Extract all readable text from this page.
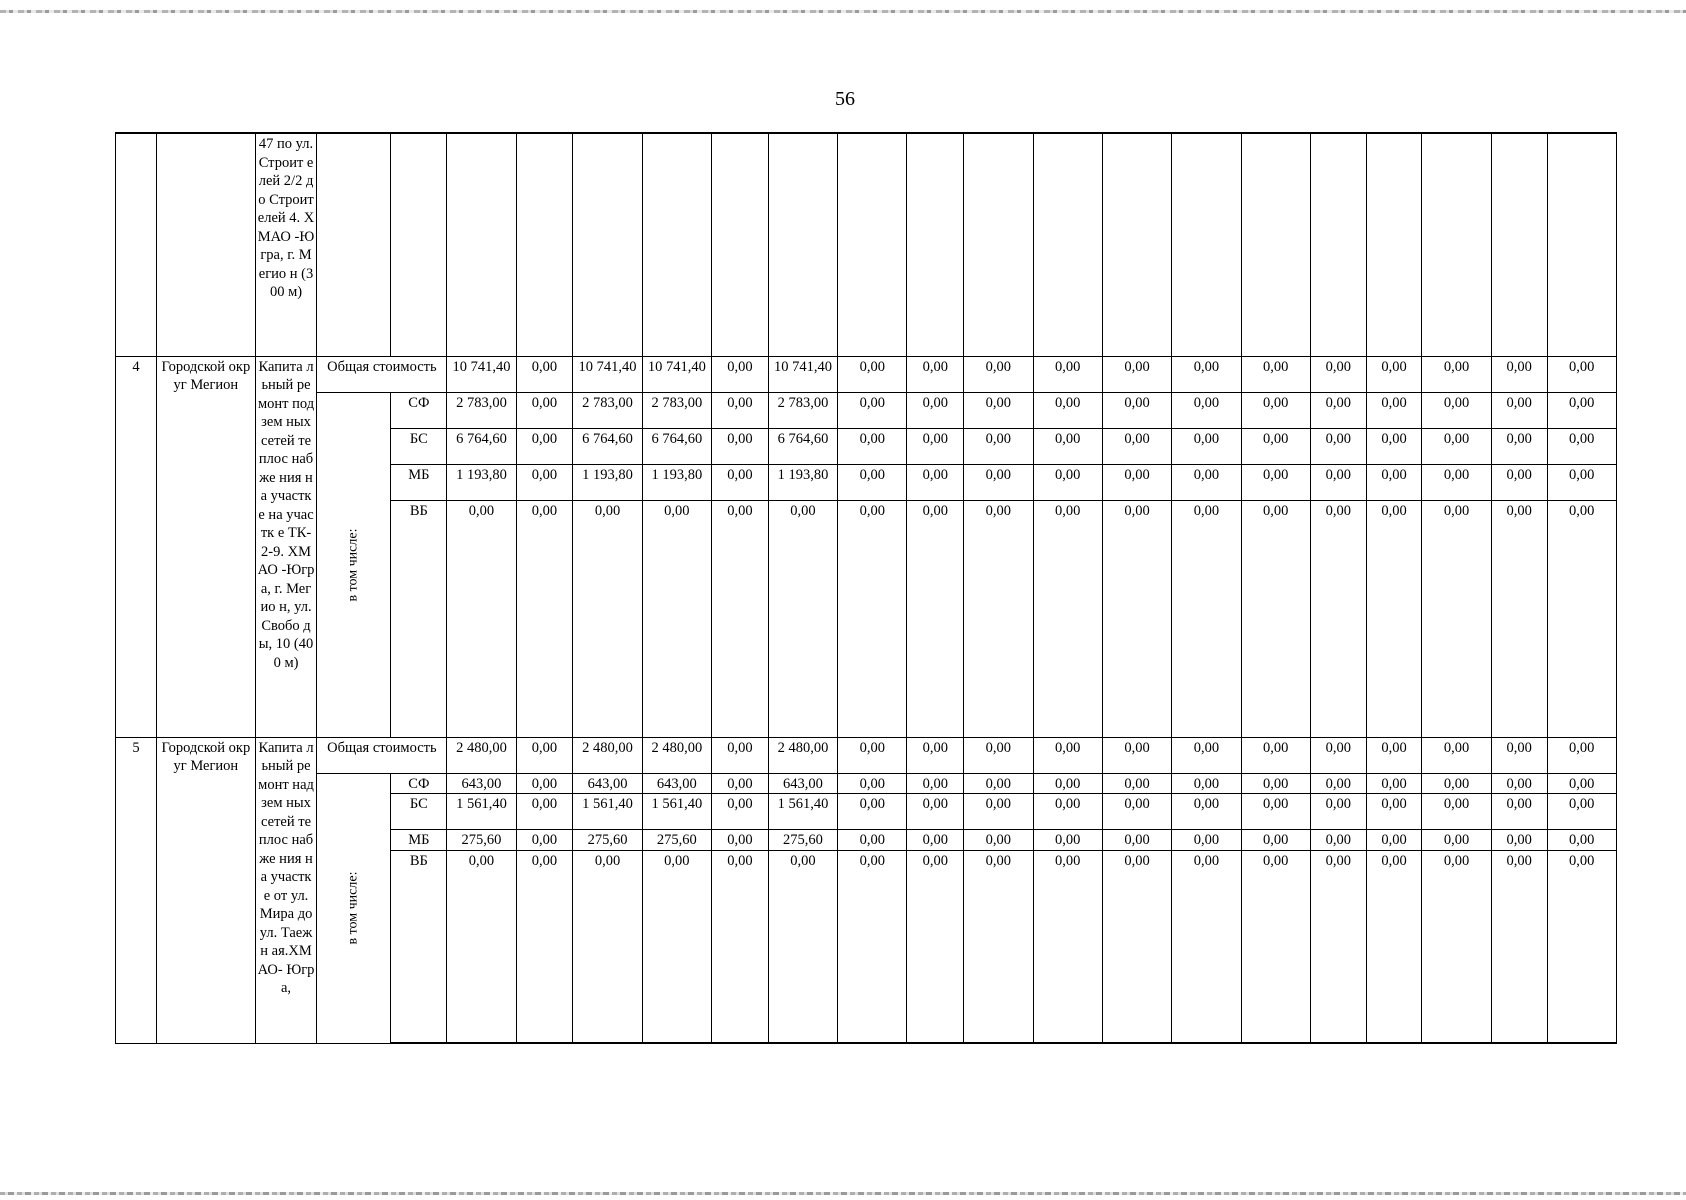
56

		47 по ул. Строит елей 2/2 до Строит елей 4. ХМАО -Югра, г. Мегио н (300 м)																				

4	Городской округ Мегион	Капита льный ремонт подзем ных сетей теплос набже ния на участк е на участк е ТК- 2-9. ХМАО -Югра, г. Мегио н, ул. Свобо ды, 10 (400 м)	Общая стоимость		10 741,40	0,00	10 741,40	10 741,40	0,00	10 741,40	0,00	0,00	0,00	0,00	0,00	0,00	0,00	0,00	0,00	0,00	0,00	0,00

			в том числе:	СФ	2 783,00	0,00	2 783,00	2 783,00	0,00	2 783,00	0,00	0,00	0,00	0,00	0,00	0,00	0,00	0,00	0,00	0,00	0,00	0,00

				БС	6 764,60	0,00	6 764,60	6 764,60	0,00	6 764,60	0,00	0,00	0,00	0,00	0,00	0,00	0,00	0,00	0,00	0,00	0,00	0,00

				МБ	1 193,80	0,00	1 193,80	1 193,80	0,00	1 193,80	0,00	0,00	0,00	0,00	0,00	0,00	0,00	0,00	0,00	0,00	0,00	0,00

				ВБ	0,00	0,00	0,00	0,00	0,00	0,00	0,00	0,00	0,00	0,00	0,00	0,00	0,00	0,00	0,00	0,00	0,00	0,00

5	Городской округ Мегион	Капита льный ремонт надзем ных сетей теплос набже ния на участк е от ул. Мира до ул. Таежн ая.ХМ АО- Югра,	Общая стоимость		2 480,00	0,00	2 480,00	2 480,00	0,00	2 480,00	0,00	0,00	0,00	0,00	0,00	0,00	0,00	0,00	0,00	0,00	0,00	0,00

			в том числе:	СФ	643,00	0,00	643,00	643,00	0,00	643,00	0,00	0,00	0,00	0,00	0,00	0,00	0,00	0,00	0,00	0,00	0,00	0,00

				БС	1 561,40	0,00	1 561,40	1 561,40	0,00	1 561,40	0,00	0,00	0,00	0,00	0,00	0,00	0,00	0,00	0,00	0,00	0,00	0,00

				МБ	275,60	0,00	275,60	275,60	0,00	275,60	0,00	0,00	0,00	0,00	0,00	0,00	0,00	0,00	0,00	0,00	0,00	0,00

				ВБ	0,00	0,00	0,00	0,00	0,00	0,00	0,00	0,00	0,00	0,00	0,00	0,00	0,00	0,00	0,00	0,00	0,00	0,00
